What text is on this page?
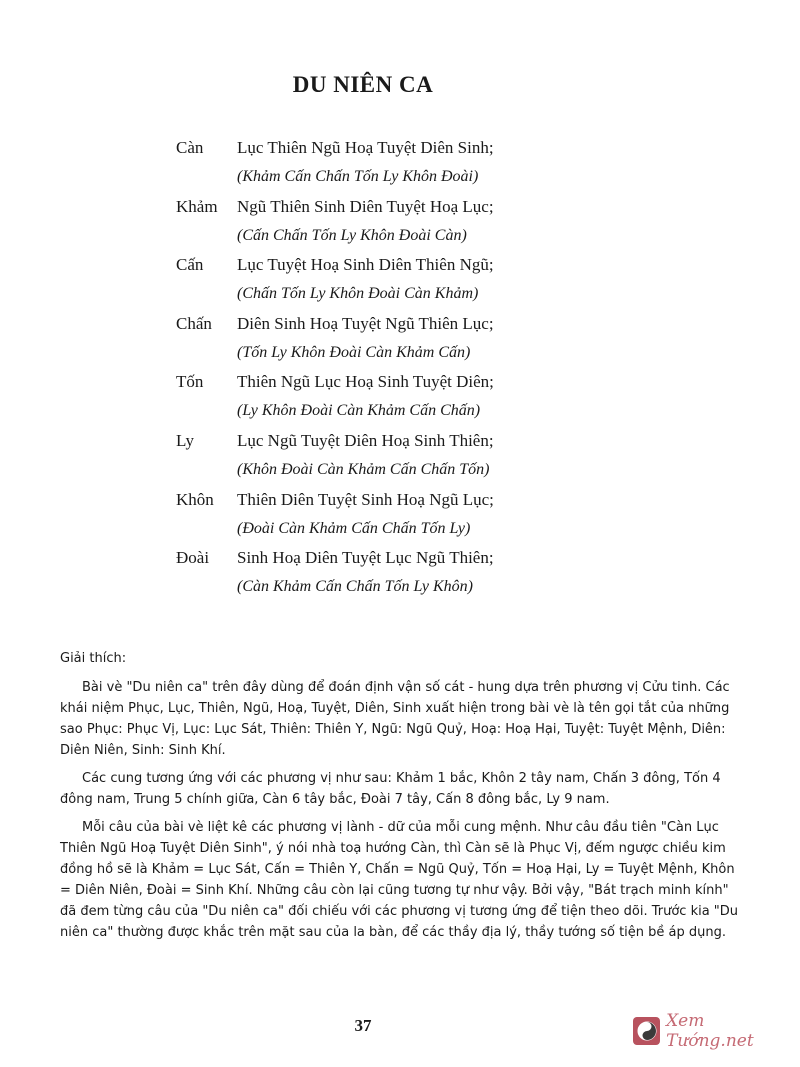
DU NIÊN CA
Càn Lục Thiên Ngũ Hoạ Tuyệt Diên Sinh;
(Khảm Cấn Chấn Tốn Ly Khôn Đoài)
Khảm Ngũ Thiên Sinh Diên Tuyệt Hoạ Lục;
(Cấn Chấn Tốn Ly Khôn Đoài Càn)
Cấn Lục Tuyệt Hoạ Sinh Diên Thiên Ngũ;
(Chấn Tốn Ly Khôn Đoài Càn Khảm)
Chấn Diên Sinh Hoạ Tuyệt Ngũ Thiên Lục;
(Tốn Ly Khôn Đoài Càn Khảm Cấn)
Tốn Thiên Ngũ Lục Hoạ Sinh Tuyệt Diên;
(Ly Khôn Đoài Càn Khảm Cấn Chấn)
Ly	Lục Ngũ Tuyệt Diên Hoạ Sinh Thiên;
(Khôn Đoài Càn Khảm Cấn Chấn Tốn)
Khôn Thiên Diên Tuyệt Sinh Hoạ Ngũ Lục;
(Đoài Càn Khảm Cấn Chấn Tốn Ly)
Đoài Sinh Hoạ Diên Tuyệt Lục Ngũ Thiên;
(Càn Khảm Cấn Chấn Tốn Ly Khôn)

Giải thích:

Bài vè "Du niên ca" trên đây dùng để đoán định vận số cát - hung dựa trên phương vị Cửu tinh. Các khái niệm Phục, Lục, Thiên, Ngũ, Hoạ, Tuyệt, Diên, Sinh xuất hiện trong bài vè là tên gọi tắt của những sao Phục: Phục Vị, Lục: Lục Sát, Thiên: Thiên Y, Ngũ: Ngũ Quỷ, Hoạ: Hoạ Hại, Tuyệt: Tuyệt Mệnh, Diên: Diên Niên, Sinh: Sinh Khí.

Các cung tương ứng với các phương vị như sau: Khảm 1 bắc, Khôn 2 tây nam, Chấn 3 đông, Tốn 4 đông nam, Trung 5 chính giữa, Càn 6 tây bắc, Đoài 7 tây, Cấn 8 đông bắc, Ly 9 nam.

Mỗi câu của bài vè liệt kê các phương vị lành - dữ của mỗi cung mệnh. Như câu đầu tiên "Càn Lục Thiên Ngũ Hoạ Tuyệt Diên Sinh", ý nói nhà toạ hướng Càn, thì Càn sẽ là Phục Vị, đếm ngược chiều kim đồng hồ sẽ là Khảm = Lục Sát, Cấn = Thiên Y, Chấn = Ngũ Quỷ, Tốn = Hoạ Hại, Ly = Tuyệt Mệnh, Khôn = Diên Niên, Đoài = Sinh Khí. Những câu còn lại cũng tương tự như vậy. Bởi vậy, "Bát trạch minh kính" đã đem từng câu của "Du niên ca" đối chiếu với các phương vị tương ứng để tiện theo dõi. Trước kia "Du niên ca" thường được khắc trên mặt sau của la bàn, để các thầy địa lý, thầy tướng số tiện bề áp dụng.

37	Xem Tướng.net
